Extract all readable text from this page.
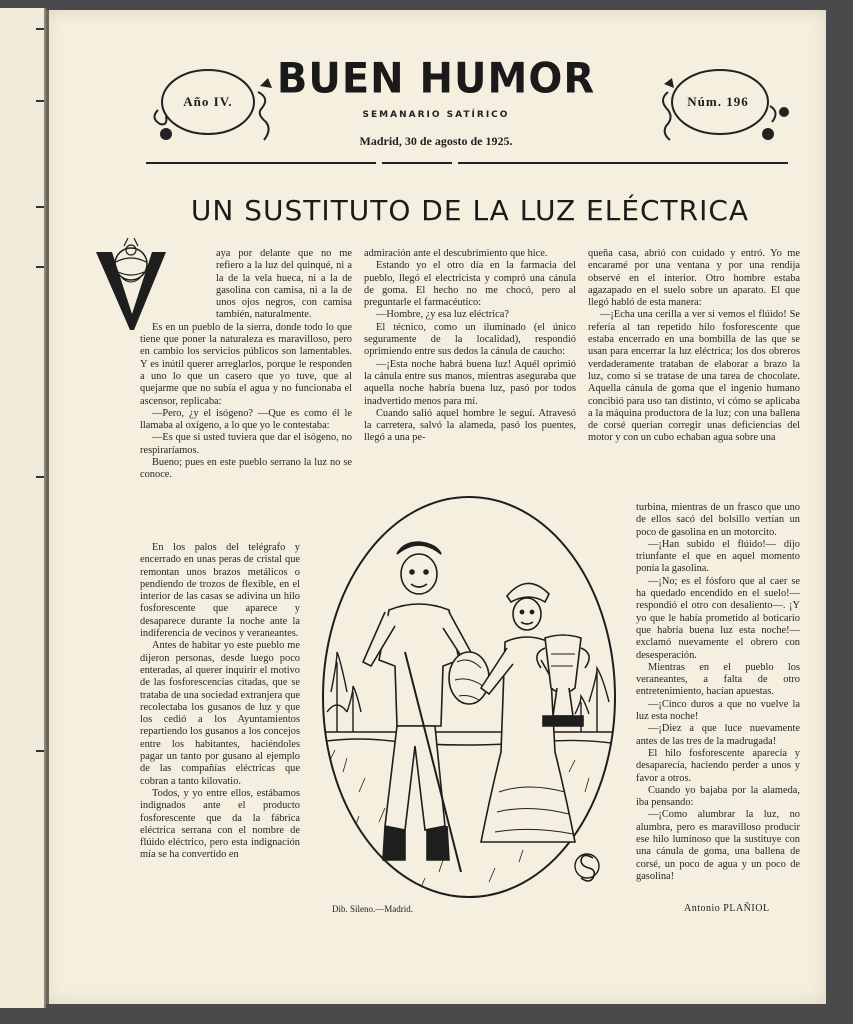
Año IV.	Núm. 196
BUEN HUMOR
SEMANARIO SATÍRICO
Madrid, 30 de agosto de 1925.
UN SUSTITUTO DE LA LUZ ELÉCTRICA

aya por delante que no me refiero a la luz del quinqué, ni a la de la vela hueca, ni a la de gasolina con camisa, ni a la de unos ojos negros, con camisa también, naturalmente.

Es en un pueblo de la sierra, donde todo lo que tiene que poner la naturaleza es maravilloso, pero en cambio los servicios públicos son lamentables. Y es inútil querer arreglarlos, porque le responden a uno lo que un casero que yo tuve, que al quejarme que no subía el agua y no funcionaba el ascensor, replicaba:

—Pero, ¿y el isógeno? —Que es como él le llamaba al oxígeno, a lo que yo le contestaba:

—Es que si usted tuviera que dar el isógeno, no respiraríamos.

Bueno; pues en este pueblo serrano la luz no se conoce.

En los palos del telégrafo y encerrado en unas peras de cristal que remontan unos brazos metálicos o pendiendo de trozos de flexible, en el interior de las casas se adivina un hilo fosforescente que aparece y desaparece durante la noche ante la indiferencia de vecinos y veraneantes.

Antes de habitar yo este pueblo me dijeron personas, desde luego poco enteradas, al querer inquirir el motivo de las fosforescencias citadas, que se trataba de una sociedad extranjera que recolectaba los gusanos de luz y que los cedió a los Ayuntamientos repartiendo los gusanos a los concejos entre los habitantes, haciéndoles pagar un tanto por gusano al ejemplo de las compañías eléctricas que cobran a tanto kilovatio.

Todos, y yo entre ellos, estábamos indignados ante el producto fosforescente que da la fábrica eléctrica serrana con el nombre de flúido eléctrico, pero esta indignación mía se ha convertido en

admiración ante el descubrimiento que hice.

Estando yo el otro día en la farmacia del pueblo, llegó el electricista y compró una cánula de goma. El hecho no me chocó, pero al preguntarle el farmacéutico:

—Hombre, ¿y esa luz eléctrica?

El técnico, como un iluminado (el único seguramente de la localidad), respondió oprimiendo entre sus dedos la cánula de caucho:

—¡Esta noche habrá buena luz! Aquél oprimió la cánula entre sus manos, mientras aseguraba que aquella noche habría buena luz, pasó por todos inadvertido menos para mí.

Cuando salió aquel hombre le seguí. Atravesó la carretera, salvó la alameda, pasó los puentes, llegó a una pe-

queña casa, abrió con cuidado y entró. Yo me encaramé por una ventana y por una rendija observé en el interior. Otro hombre estaba agazapado en el suelo sobre un aparato. El que llegó habló de esta manera:

—¡Echa una cerilla a ver si vemos el flúido! Se refería al tan repetido hilo fosforescente que estaba encerrado en una bombilla de las que se usan para encerrar la luz eléctrica; los dos obreros verdaderamente trataban de elaborar a brazo la luz, como si se tratase de una tarea de chocolate. Aquella cánula de goma que el ingenio humano concibió para uso tan distinto, vi cómo se aplicaba a la máquina productora de la luz; con una ballena de corsé querían corregir unas deficiencias del motor y con un cubo echaban agua sobre una

turbina, mientras de un frasco que uno de ellos sacó del bolsillo vertían un poco de gasolina en un motorcito.

—¡Han subido el flúido!— dijo triunfante el que en aquel momento ponía la gasolina.

—¡No; es el fósforo que al caer se ha quedado encendido en el suelo!—respondió el otro con desaliento—. ¡Y yo que le había prometido al boticario que habría buena luz esta noche!—exclamó nuevamente el obrero con desesperación.

Mientras en el pueblo los veraneantes, a falta de otro entretenimiento, hacían apuestas.

—¡Cinco duros a que no vuelve la luz esta noche!

—¡Diez a que luce nuevamente antes de las tres de la madrugada!

El hilo fosforescente aparecía y desaparecía, haciendo perder a unos y favor a otros.

Cuando yo bajaba por la alameda, iba pensando:

—¡Como alumbrar la luz, no alumbra, pero es maravilloso producir ese hilo luminoso que la sustituye con una cánula de goma, una ballena de corsé, un poco de agua y un poco de gasolina!

Dib. Sileno.—Madrid.	Antonio PLAÑIOL
